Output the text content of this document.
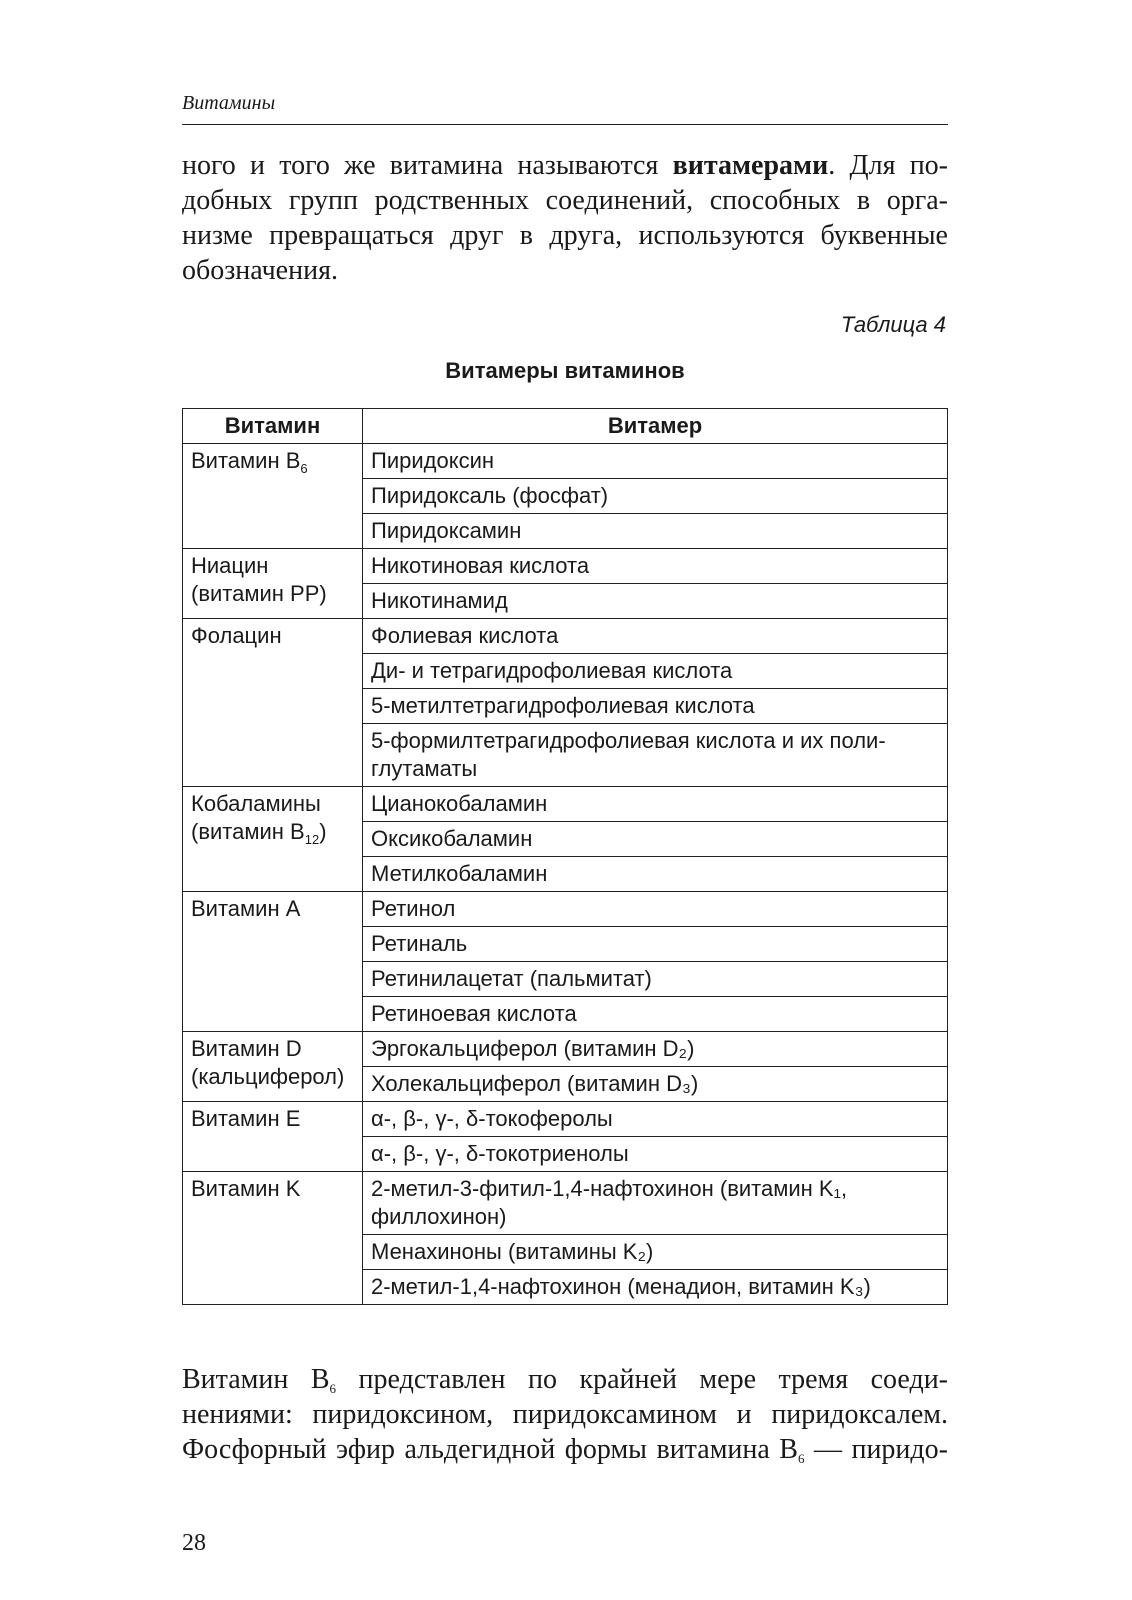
Витамины
ного и того же витамина называются витамерами. Для по-
добных групп родственных соединений, способных в орга-
низме превращаться друг в друга, используются буквенные
обозначения.
Таблица 4
Витамеры витаминов
Витамин	Витамер
Витамин $B_6$	Пиридоксин
	Пиридоксаль (фосфат)
	Пиридоксамин
Ниацин (витамин PP)	Никотиновая кислота
	Никотинамид
Фолацин	Фолиевая кислота
	Ди- и тетрагидрофолиевая кислота
	5-метилтетрагидрофолиевая кислота
	5-формилтетрагидрофолиевая кислота и их поли-глутаматы
Кобаламины (витамин $B_{12}$)	Цианокобаламин
	Оксикобаламин
	Метилкобаламин
Витамин A	Ретинол
	Ретиналь
	Ретинилацетат (пальмитат)
	Ретиноевая кислота
Витамин D (кальциферол)	Эргокальциферол (витамин D₂)
	Холекальциферол (витамин D₃)
Витамин E	α-, β-, γ-, δ-токоферолы
	α-, β-, γ-, δ-токотриенолы
Витамин K	2-метил-3-фитил-1,4-нафтохинон (витамин K₁, филлохинон)
	Менахиноны (витамины K₂)
	2-метил-1,4-нафтохинон (менадион, витамин K₃)
Витамин $B_6$ представлен по крайней мере тремя соеди-
нениями: пиридоксином, пиридоксамином и пиридоксалем.
Фосфорный эфир альдегидной формы витамина $B_6$ — пиридо-
28
